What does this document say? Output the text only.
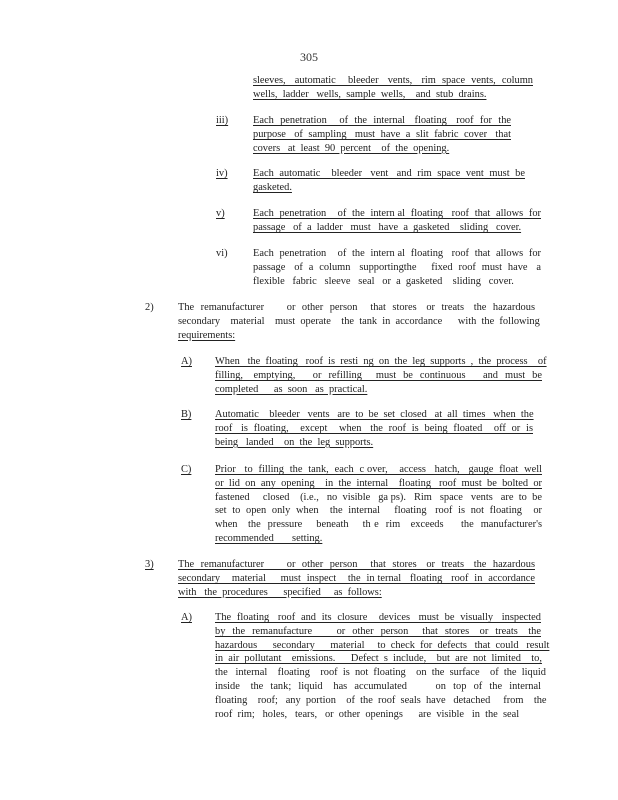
305
sleeves,   automatic    bleeder   vents,   rim  space  vents,  column
wells,  ladder   wells,  sample  wells,    and  stub  drains.
iii) Each  penetration    of  the  internal   floating   roof  for  the
purpose   of  sampling   must  have  a  slit  fabric  cover   that
covers   at  least  90  percent    of  the  opening.
iv) Each  automatic    bleeder   vent   and  rim  space  vent  must  be
gasketed.
v)	Each  penetration    of  the  intern al  floating   roof  that  allows  for
passage   of  a  ladder   must   have  a  gasketed    sliding   cover.
vi) Each  penetration    of  the  intern al  floating   roof  that  allows  for
passage   of  a  column   supportingthe     fixed  roof  must  have   a
flexible   fabric   sleeve   seal   or  a  gasketed    sliding   cover.
2) The  remanufacturer       or  other  person    that  stores   or  treats   the  hazardous
secondary    material    must  operate    the  tank  in  accordance      with  the  following
requirements:
A) When   the  floating   roof  is  resti  ng  on  the  leg  supports  ,  the  process    of
filling,   emptying,     or  refilling    must  be  continuous     and  must  be
completed      as  soon   as  practical.
B) Automatic    bleeder   vents   are  to  be  set  closed   at  all  times   when  the
roof   is  floating,    except    when   the  roof  is  being  floated    off  or  is
being   landed    on  the  leg  supports.
C) Prior   to  filling  the  tank,  each  c over,    access   hatch,   gauge  float  well
or  lid  on  any  opening    in  the  internal    floating   roof  must  be  bolted  or
fastened     closed    (i.e.,   no  visible   ga ps).   Rim   space   vents   are  to  be
set  to  open  only  when    the  internal     floating   roof  is  not  floating    or
when   the  pressure    beneath    th e  rim   exceeds     the  manufacturer's
recommended       setting.
3) The  remanufacturer       or  other  person    that  stores   or  treats   the  hazardous
secondary    material     must  inspect    the  in ternal   floating   roof  in  accordance
with   the  procedures      specified     as  follows:
A) The  floating   roof  and  its  closure    devices   must  be  visually   inspected
by  the  remanufacture       or  other  person    that  stores   or  treats   the
hazardous      secondary      material     to  check  for  defects   that  could   result
in  air  pollutant    emissions.      Defect  s  include,    but  are  not  limited    to,
the   internal    floating    roof  is  not  floating    on  the  surface    of  the  liquid
inside   the  tank;  liquid   has  accumulated        on  top  of  the  internal
floating    roof;   any  portion    of  the  roof  seals  have   detached     from    the
roof  rim;   holes,   tears,   or  other  openings      are  visible   in  the  seal
